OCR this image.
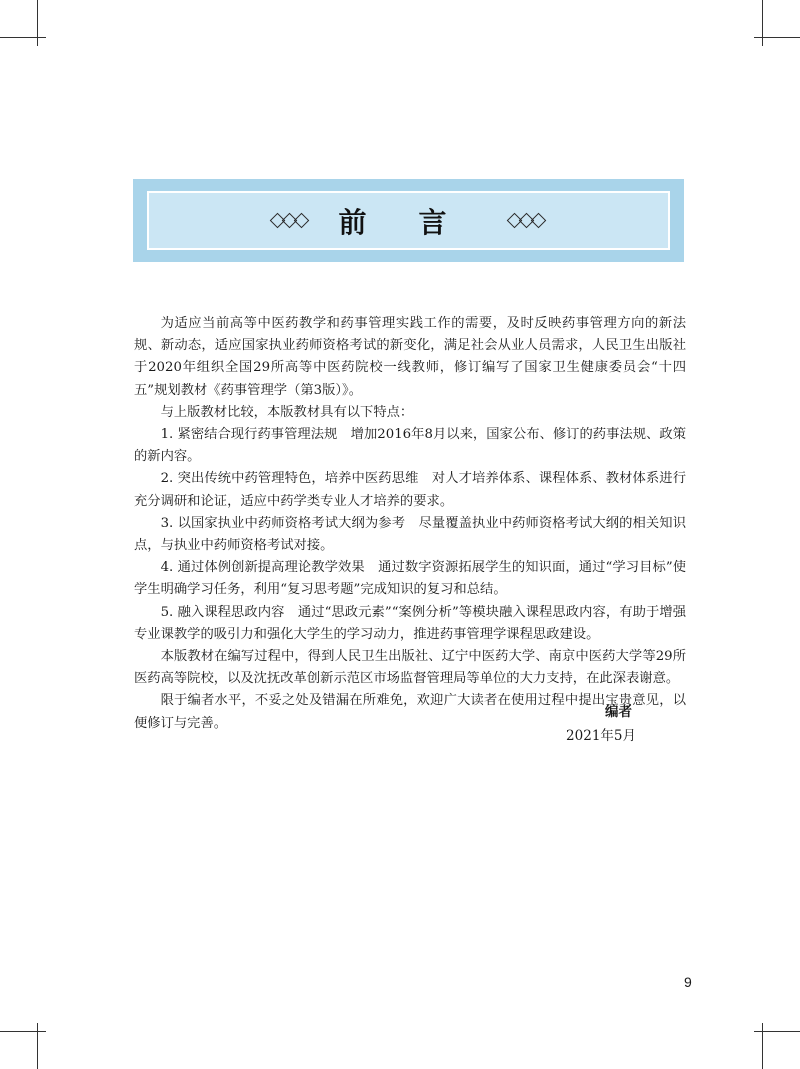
前言

为适应当前高等中医药教学和药事管理实践工作的需要，及时反映药事管理方向的新法规、新动态，适应国家执业药师资格考试的新变化，满足社会从业人员需求，人民卫生出版社于2020年组织全国29所高等中医药院校一线教师，修订编写了国家卫生健康委员会“十四五”规划教材《药事管理学（第3版）》。

与上版教材比较，本版教材具有以下特点：

1. 紧密结合现行药事管理法规　增加2016年8月以来，国家公布、修订的药事法规、政策的新内容。

2. 突出传统中药管理特色，培养中医药思维　对人才培养体系、课程体系、教材体系进行充分调研和论证，适应中药学类专业人才培养的要求。

3. 以国家执业中药师资格考试大纲为参考　尽量覆盖执业中药师资格考试大纲的相关知识点，与执业中药师资格考试对接。

4. 通过体例创新提高理论教学效果　通过数字资源拓展学生的知识面，通过“学习目标”使学生明确学习任务，利用“复习思考题”完成知识的复习和总结。

5. 融入课程思政内容　通过“思政元素”“案例分析”等模块融入课程思政内容，有助于增强专业课教学的吸引力和强化大学生的学习动力，推进药事管理学课程思政建设。

本版教材在编写过程中，得到人民卫生出版社、辽宁中医药大学、南京中医药大学等29所医药高等院校，以及沈抚改革创新示范区市场监督管理局等单位的大力支持，在此深表谢意。

限于编者水平，不妥之处及错漏在所难免，欢迎广大读者在使用过程中提出宝贵意见，以便修订与完善。

编者
2021年5月
9
